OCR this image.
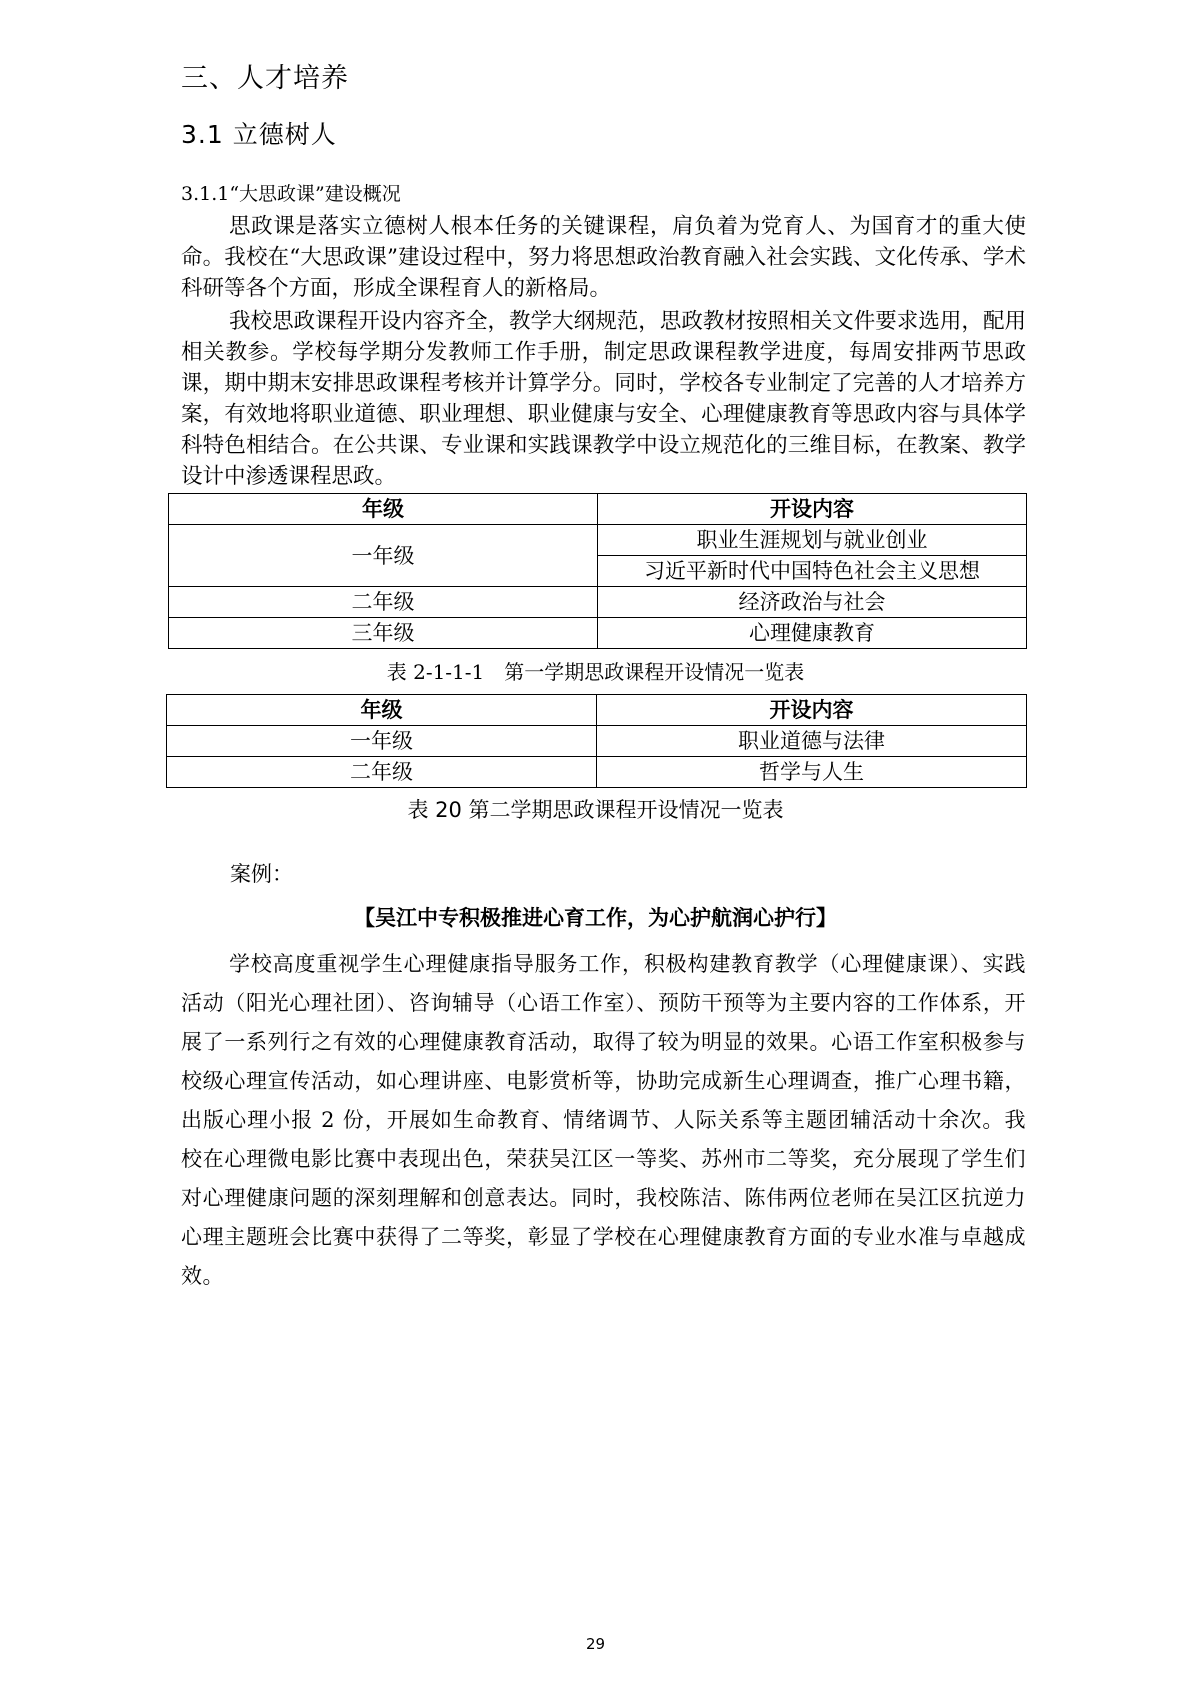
三、人才培养
3.1 立德树人
3.1.1“大思政课”建设概况

思政课是落实立德树人根本任务的关键课程，肩负着为党育人、为国育才的重大使命。我校在“大思政课”建设过程中，努力将思想政治教育融入社会实践、文化传承、学术科研等各个方面，形成全课程育人的新格局。

我校思政课程开设内容齐全，教学大纲规范，思政教材按照相关文件要求选用，配用相关教参。学校每学期分发教师工作手册，制定思政课程教学进度，每周安排两节思政课，期中期末安排思政课程考核并计算学分。同时，学校各专业制定了完善的人才培养方案，有效地将职业道德、职业理想、职业健康与安全、心理健康教育等思政内容与具体学科特色相结合。在公共课、专业课和实践课教学中设立规范化的三维目标，在教案、教学设计中渗透课程思政。

年级	开设内容
一年级	职业生涯规划与就业创业
	习近平新时代中国特色社会主义思想
二年级	经济政治与社会
三年级	心理健康教育
表 2-1-1-1　第一学期思政课程开设情况一览表
年级	开设内容
一年级	职业道德与法律
二年级	哲学与人生
表 20 第二学期思政课程开设情况一览表
案例：
【吴江中专积极推进心育工作，为心护航润心护行】

学校高度重视学生心理健康指导服务工作，积极构建教育教学（心理健康课）、实践活动（阳光心理社团）、咨询辅导（心语工作室）、预防干预等为主要内容的工作体系，开展了一系列行之有效的心理健康教育活动，取得了较为明显的效果。心语工作室积极参与校级心理宣传活动，如心理讲座、电影赏析等，协助完成新生心理调查，推广心理书籍，出版心理小报 2 份，开展如生命教育、情绪调节、人际关系等主题团辅活动十余次。我校在心理微电影比赛中表现出色，荣获吴江区一等奖、苏州市二等奖，充分展现了学生们对心理健康问题的深刻理解和创意表达。同时，我校陈洁、陈伟两位老师在吴江区抗逆力心理主题班会比赛中获得了二等奖，彰显了学校在心理健康教育方面的专业水准与卓越成效。

29
